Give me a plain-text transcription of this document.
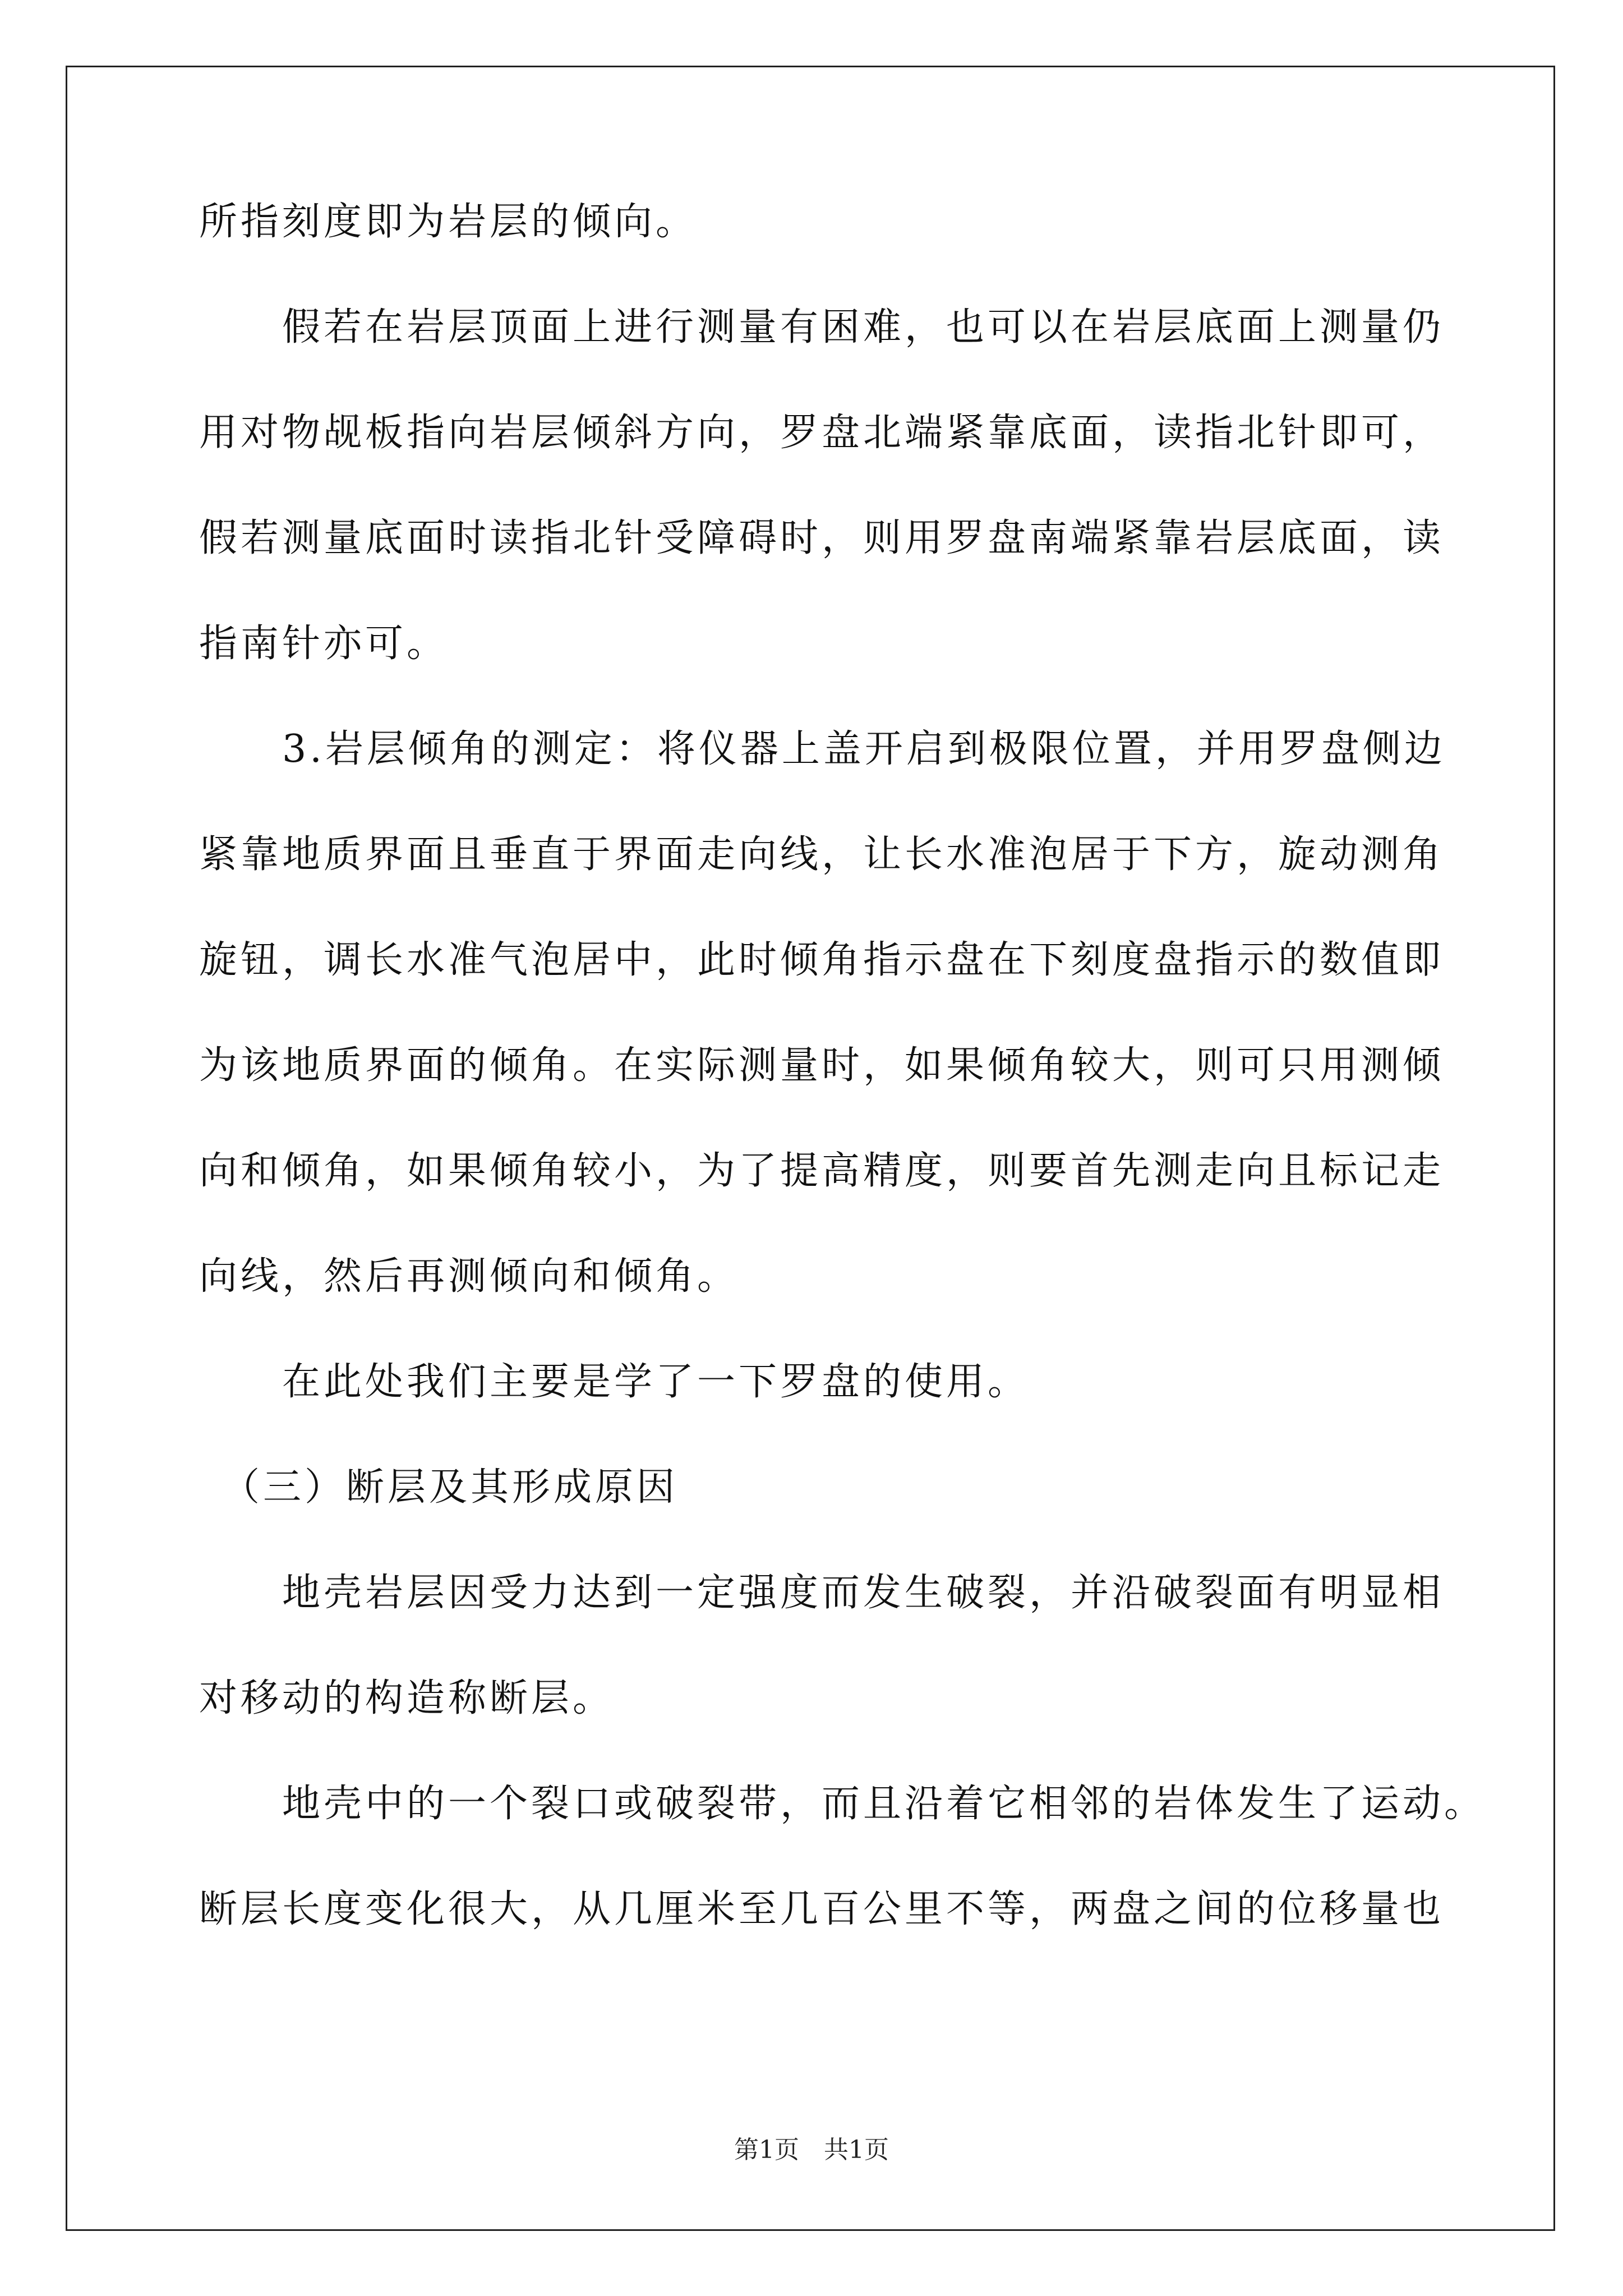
所指刻度即为岩层的倾向。
　　假若在岩层顶面上进行测量有困难，也可以在岩层底面上测量仍
用对物觇板指向岩层倾斜方向，罗盘北端紧靠底面，读指北针即可，
假若测量底面时读指北针受障碍时，则用罗盘南端紧靠岩层底面，读
指南针亦可。
　　3.岩层倾角的测定：将仪器上盖开启到极限位置，并用罗盘侧边
紧靠地质界面且垂直于界面走向线，让长水准泡居于下方，旋动测角
旋钮，调长水准气泡居中，此时倾角指示盘在下刻度盘指示的数值即
为该地质界面的倾角。在实际测量时，如果倾角较大，则可只用测倾
向和倾角，如果倾角较小，为了提高精度，则要首先测走向且标记走
向线，然后再测倾向和倾角。
　　在此处我们主要是学了一下罗盘的使用。
　（三）断层及其形成原因
　　地壳岩层因受力达到一定强度而发生破裂，并沿破裂面有明显相
对移动的构造称断层。
　　地壳中的一个裂口或破裂带，而且沿着它相邻的岩体发生了运动。
断层长度变化很大，从几厘米至几百公里不等，两盘之间的位移量也
第1页　共1页
